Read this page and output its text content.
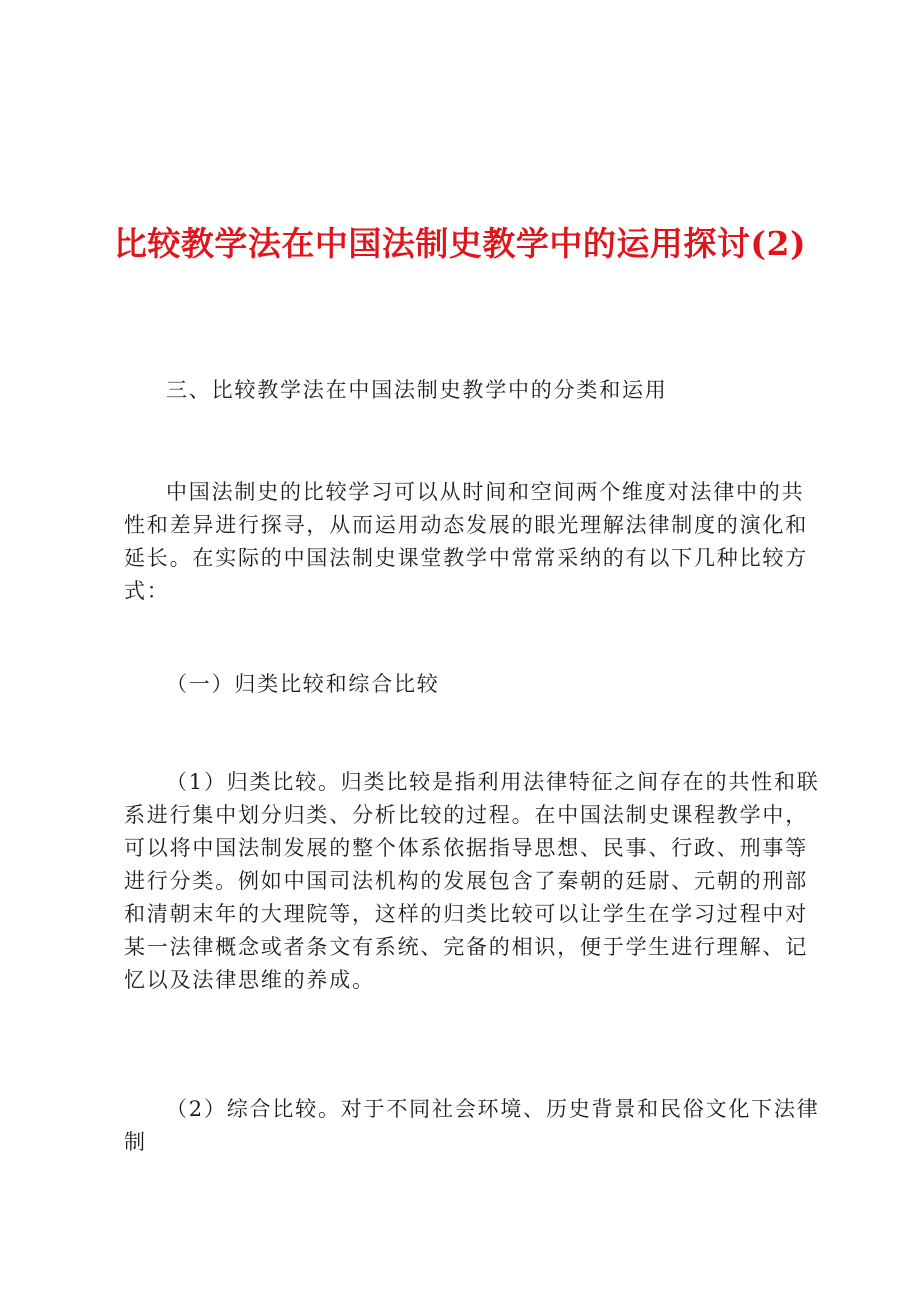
比较教学法在中国法制史教学中的运用探讨(2)

三、比较教学法在中国法制史教学中的分类和运用

中国法制史的比较学习可以从时间和空间两个维度对法律中的共性和差异进行探寻，从而运用动态发展的眼光理解法律制度的演化和延长。在实际的中国法制史课堂教学中常常采纳的有以下几种比较方式：

（一）归类比较和综合比较

（1）归类比较。归类比较是指利用法律特征之间存在的共性和联系进行集中划分归类、分析比较的过程。在中国法制史课程教学中，可以将中国法制发展的整个体系依据指导思想、民事、行政、刑事等进行分类。例如中国司法机构的发展包含了秦朝的廷尉、元朝的刑部和清朝末年的大理院等，这样的归类比较可以让学生在学习过程中对某一法律概念或者条文有系统、完备的相识，便于学生进行理解、记忆以及法律思维的养成。

（2）综合比较。对于不同社会环境、历史背景和民俗文化下法律制
